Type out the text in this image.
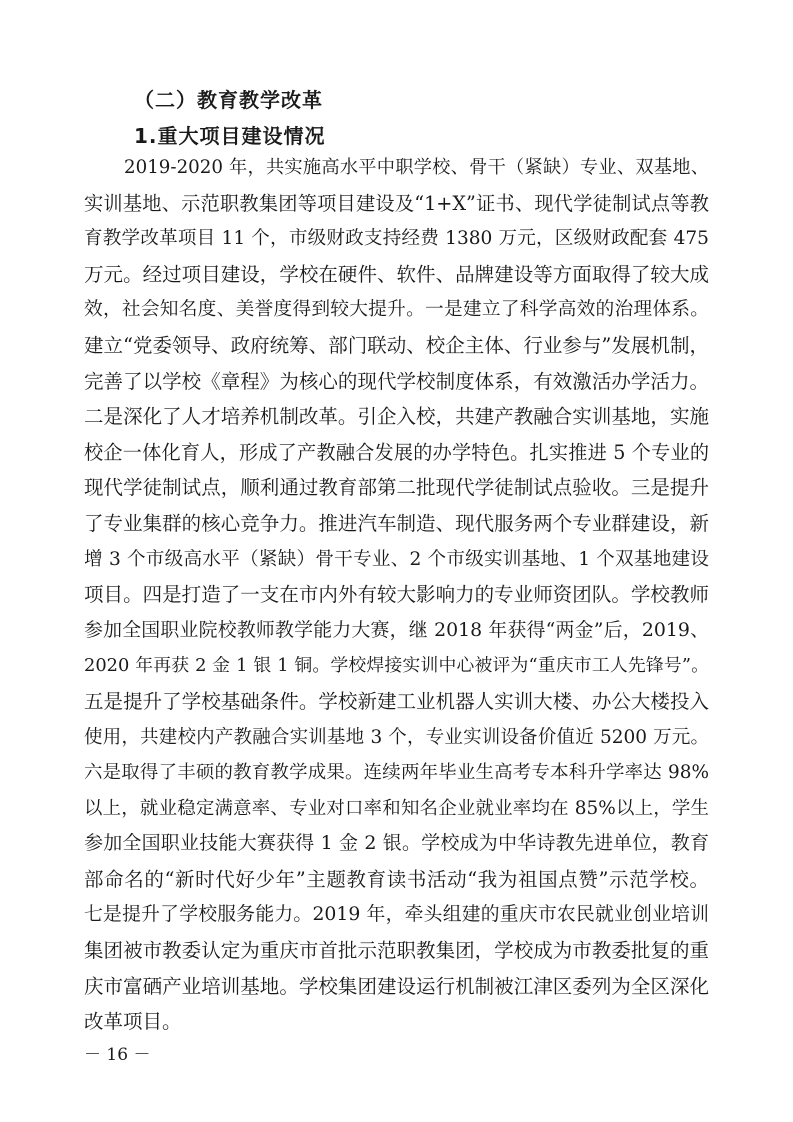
（二）教育教学改革
1.重大项目建设情况
2019-2020 年，共实施高水平中职学校、骨干（紧缺）专业、双基地、
实训基地、示范职教集团等项目建设及“1+X”证书、现代学徒制试点等教
育教学改革项目 11 个，市级财政支持经费 1380 万元，区级财政配套 475
万元。经过项目建设，学校在硬件、软件、品牌建设等方面取得了较大成
效，社会知名度、美誉度得到较大提升。一是建立了科学高效的治理体系。
建立“党委领导、政府统筹、部门联动、校企主体、行业参与”发展机制，
完善了以学校《章程》为核心的现代学校制度体系，有效激活办学活力。
二是深化了人才培养机制改革。引企入校，共建产教融合实训基地，实施
校企一体化育人，形成了产教融合发展的办学特色。扎实推进 5 个专业的
现代学徒制试点，顺利通过教育部第二批现代学徒制试点验收。三是提升
了专业集群的核心竞争力。推进汽车制造、现代服务两个专业群建设，新
增 3 个市级高水平（紧缺）骨干专业、2 个市级实训基地、1 个双基地建设
项目。四是打造了一支在市内外有较大影响力的专业师资团队。学校教师
参加全国职业院校教师教学能力大赛，继 2018 年获得“两金”后，2019、
2020 年再获 2 金 1 银 1 铜。学校焊接实训中心被评为“重庆市工人先锋号”。
五是提升了学校基础条件。学校新建工业机器人实训大楼、办公大楼投入
使用，共建校内产教融合实训基地 3 个，专业实训设备价值近 5200 万元。
六是取得了丰硕的教育教学成果。连续两年毕业生高考专本科升学率达 98%
以上，就业稳定满意率、专业对口率和知名企业就业率均在 85%以上，学生
参加全国职业技能大赛获得 1 金 2 银。学校成为中华诗教先进单位，教育
部命名的“新时代好少年”主题教育读书活动“我为祖国点赞”示范学校。
七是提升了学校服务能力。2019 年，牵头组建的重庆市农民就业创业培训
集团被市教委认定为重庆市首批示范职教集团，学校成为市教委批复的重
庆市富硒产业培训基地。学校集团建设运行机制被江津区委列为全区深化
改革项目。
－ 16 －
